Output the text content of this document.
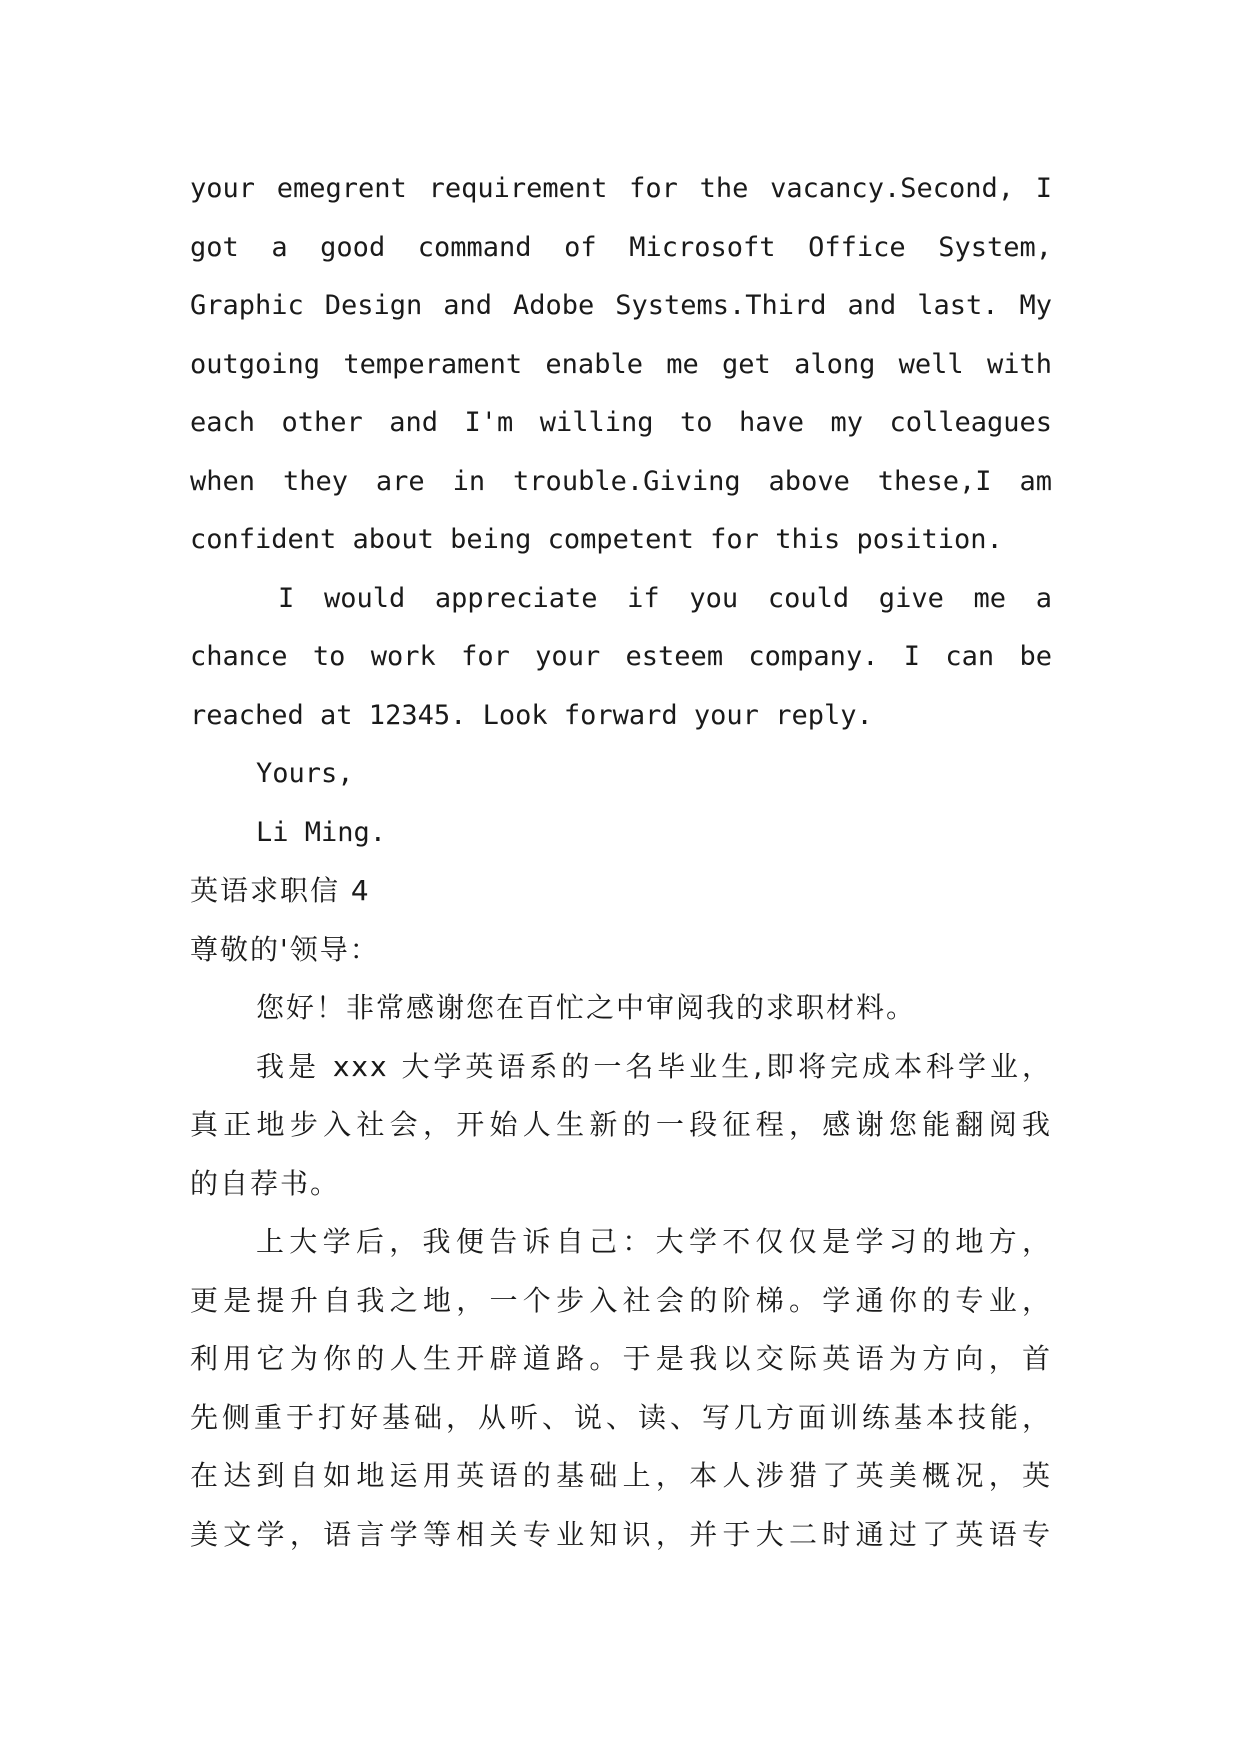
your emegrent requirement for the vacancy.Second, I
got a good command of Microsoft Office System,
Graphic Design and Adobe Systems.Third and last. My
outgoing temperament enable me get along well with
each other and I'm willing to have my colleagues
when they are in trouble.Giving above these,I am
confident about being competent for this position.
I would appreciate if you could give me a
chance to work for your esteem company. I can be
reached at 12345. Look forward your reply.
Yours,
Li Ming.
英语求职信 4
尊敬的'领导：
您好！非常感谢您在百忙之中审阅我的求职材料。
我是 xxx 大学英语系的一名毕业生,即将完成本科学业，
真正地步入社会，开始人生新的一段征程，感谢您能翻阅我
的自荐书。
上大学后，我便告诉自己：大学不仅仅是学习的地方，
更是提升自我之地，一个步入社会的阶梯。学通你的专业，
利用它为你的人生开辟道路。于是我以交际英语为方向，首
先侧重于打好基础，从听、说、读、写几方面训练基本技能，
在达到自如地运用英语的基础上，本人涉猎了英美概况，英
美文学，语言学等相关专业知识，并于大二时通过了英语专
